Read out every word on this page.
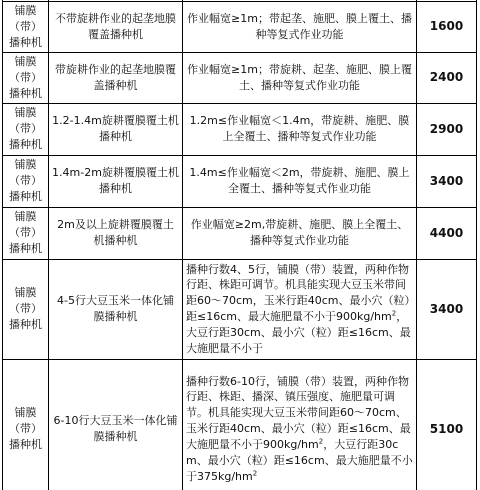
铺膜（带）播种机	不带旋耕作业的起垄地膜覆盖播种机	作业幅宽≥1m；带起垄、施肥、膜上覆土、播种等复式作业功能	1600
铺膜（带）播种机	带旋耕作业的起垄地膜覆盖播种机	作业幅宽≥1m；带旋耕、起垄、施肥、膜上覆土、播种等复式作业功能	2400
铺膜（带）播种机	1.2-1.4m旋耕覆膜覆土机播种机	1.2m≤作业幅宽＜1.4m，带旋耕、施肥、膜上全覆土、播种等复式作业功能	2900
铺膜（带）播种机	1.4m-2m旋耕覆膜覆土机播种机	1.4m≤作业幅宽＜2m，带旋耕、施肥、膜上全覆土、播种等复式作业功能	3400
铺膜（带）播种机	2m及以上旋耕覆膜覆土机播种机	作业幅宽≥2m,带旋耕、施肥、膜上全覆土、播种等复式作业功能	4400
铺膜（带）播种机	4-5行大豆玉米一体化铺膜播种机	播种行数4、5行，铺膜（带）装置，两种作物行距、株距可调节。机具能实现大豆玉米带间距60～70cm，玉米行距40cm、最小穴（粒）距≤16cm、最大施肥量不小于$900kg/hm^2$，大豆行距30cm、最小穴（粒）距≤16cm、最大施肥量不小于	3400
铺膜（带）播种机	6-10行大豆玉米一体化铺膜播种机	播种行数6-10行，铺膜（带）装置，两种作物行距、株距、播深、镇压强度、施肥量可调节。机具能实现大豆玉米带间距60～70cm、玉米行距40cm、最小穴（粒）距≤16cm、最大施肥量不小于$900kg/hm^2$，大豆行距30cm、最小穴（粒）距≤16cm、最大施肥量不小于$375kg/hm^2$	5100
